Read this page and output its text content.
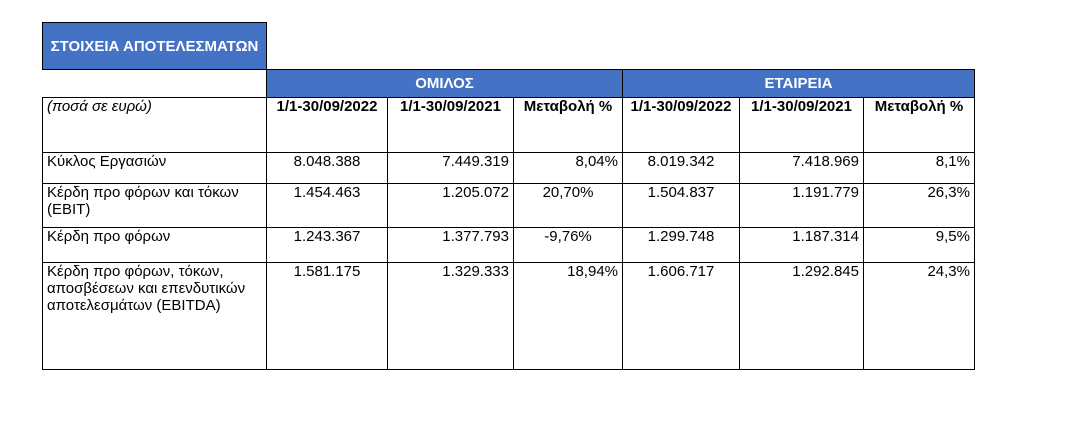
ΣΤΟΙΧΕΙΑ ΑΠΟΤΕΛΕΣΜΑΤΩΝ						
	ΟΜΙΛΟΣ			ΕΤΑΙΡΕΙΑ		
(ποσά σε ευρώ)	1/1-30/09/2022	1/1-30/09/2021	Μεταβολή %	1/1-30/09/2022	1/1-30/09/2021	Μεταβολή %
Κύκλος Εργασιών	8.048.388	7.449.319	8,04%	8.019.342	7.418.969	8,1%
Κέρδη προ φόρων και τόκων (EBIT)	1.454.463	1.205.072	20,70%	1.504.837	1.191.779	26,3%
Κέρδη προ φόρων	1.243.367	1.377.793	-9,76%	1.299.748	1.187.314	9,5%
Κέρδη προ φόρων, τόκων, αποσβέσεων και επενδυτικών αποτελεσμάτων (EBITDA)	1.581.175	1.329.333	18,94%	1.606.717	1.292.845	24,3%
